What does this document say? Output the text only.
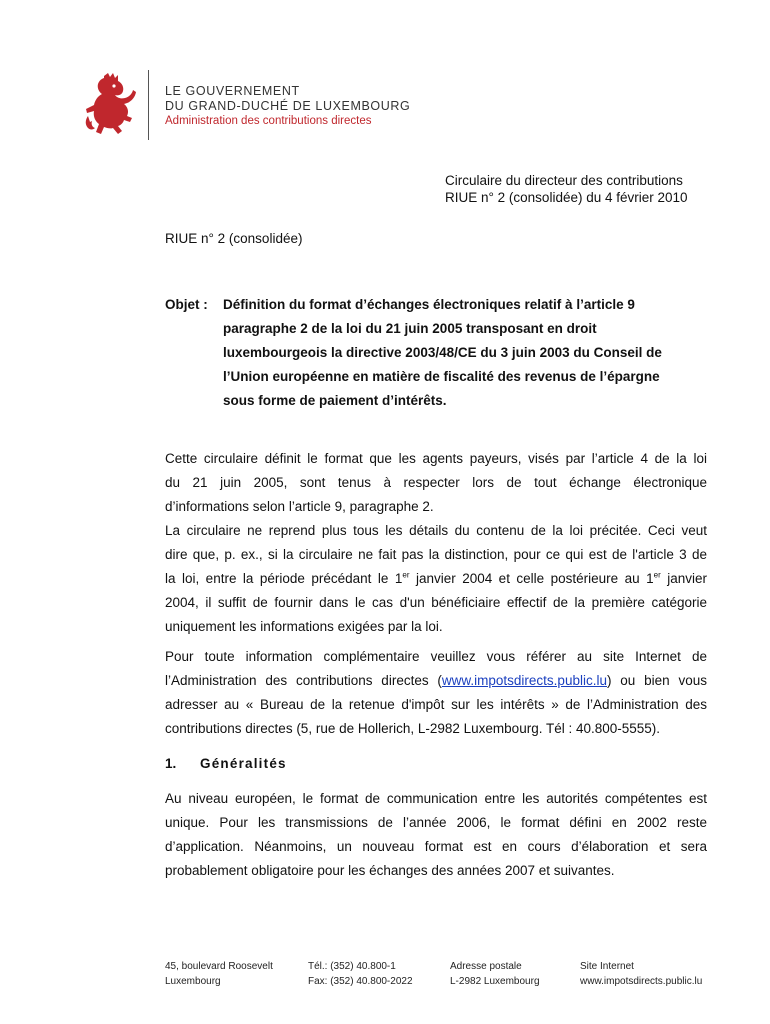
LE GOUVERNEMENT
DU GRAND-DUCHÉ DE LUXEMBOURG
Administration des contributions directes
Circulaire du directeur des contributions
RIUE n° 2 (consolidée) du 4 février 2010
RIUE n° 2 (consolidée)
Objet : Définition du format d’échanges électroniques relatif à l’article 9
paragraphe 2 de la loi du 21 juin 2005 transposant en droit
luxembourgeois la directive 2003/48/CE du 3 juin 2003 du Conseil de
l’Union européenne en matière de fiscalité des revenus de l’épargne
sous forme de paiement d’intérêts.
Cette circulaire définit le format que les agents payeurs, visés par l’article 4 de la loi
du 21 juin 2005, sont tenus à respecter lors de tout échange électronique
d’informations selon l’article 9, paragraphe 2.
La circulaire ne reprend plus tous les détails du contenu de la loi précitée. Ceci veut
dire que, p. ex., si la circulaire ne fait pas la distinction, pour ce qui est de l'article 3 de
la loi, entre la période précédant le 1er janvier 2004 et celle postérieure au 1er janvier
2004, il suffit de fournir dans le cas d'un bénéficiaire effectif de la première catégorie
uniquement les informations exigées par la loi.
Pour toute information complémentaire veuillez vous référer au site Internet de
l’Administration des contributions directes (www.impotsdirects.public.lu) ou bien vous
adresser au « Bureau de la retenue d'impôt sur les intérêts » de l’Administration des
contributions directes (5, rue de Hollerich, L-2982 Luxembourg. Tél : 40.800-5555).
1. Généralités
Au niveau européen, le format de communication entre les autorités compétentes est
unique. Pour les transmissions de l’année 2006, le format défini en 2002 reste
d’application. Néanmoins, un nouveau format est en cours d’élaboration et sera
probablement obligatoire pour les échanges des années 2007 et suivantes.
45, boulevard Roosevelt
Luxembourg
Tél.: (352) 40.800-1
Fax: (352) 40.800-2022
Adresse postale
L-2982 Luxembourg
Site Internet
www.impotsdirects.public.lu
